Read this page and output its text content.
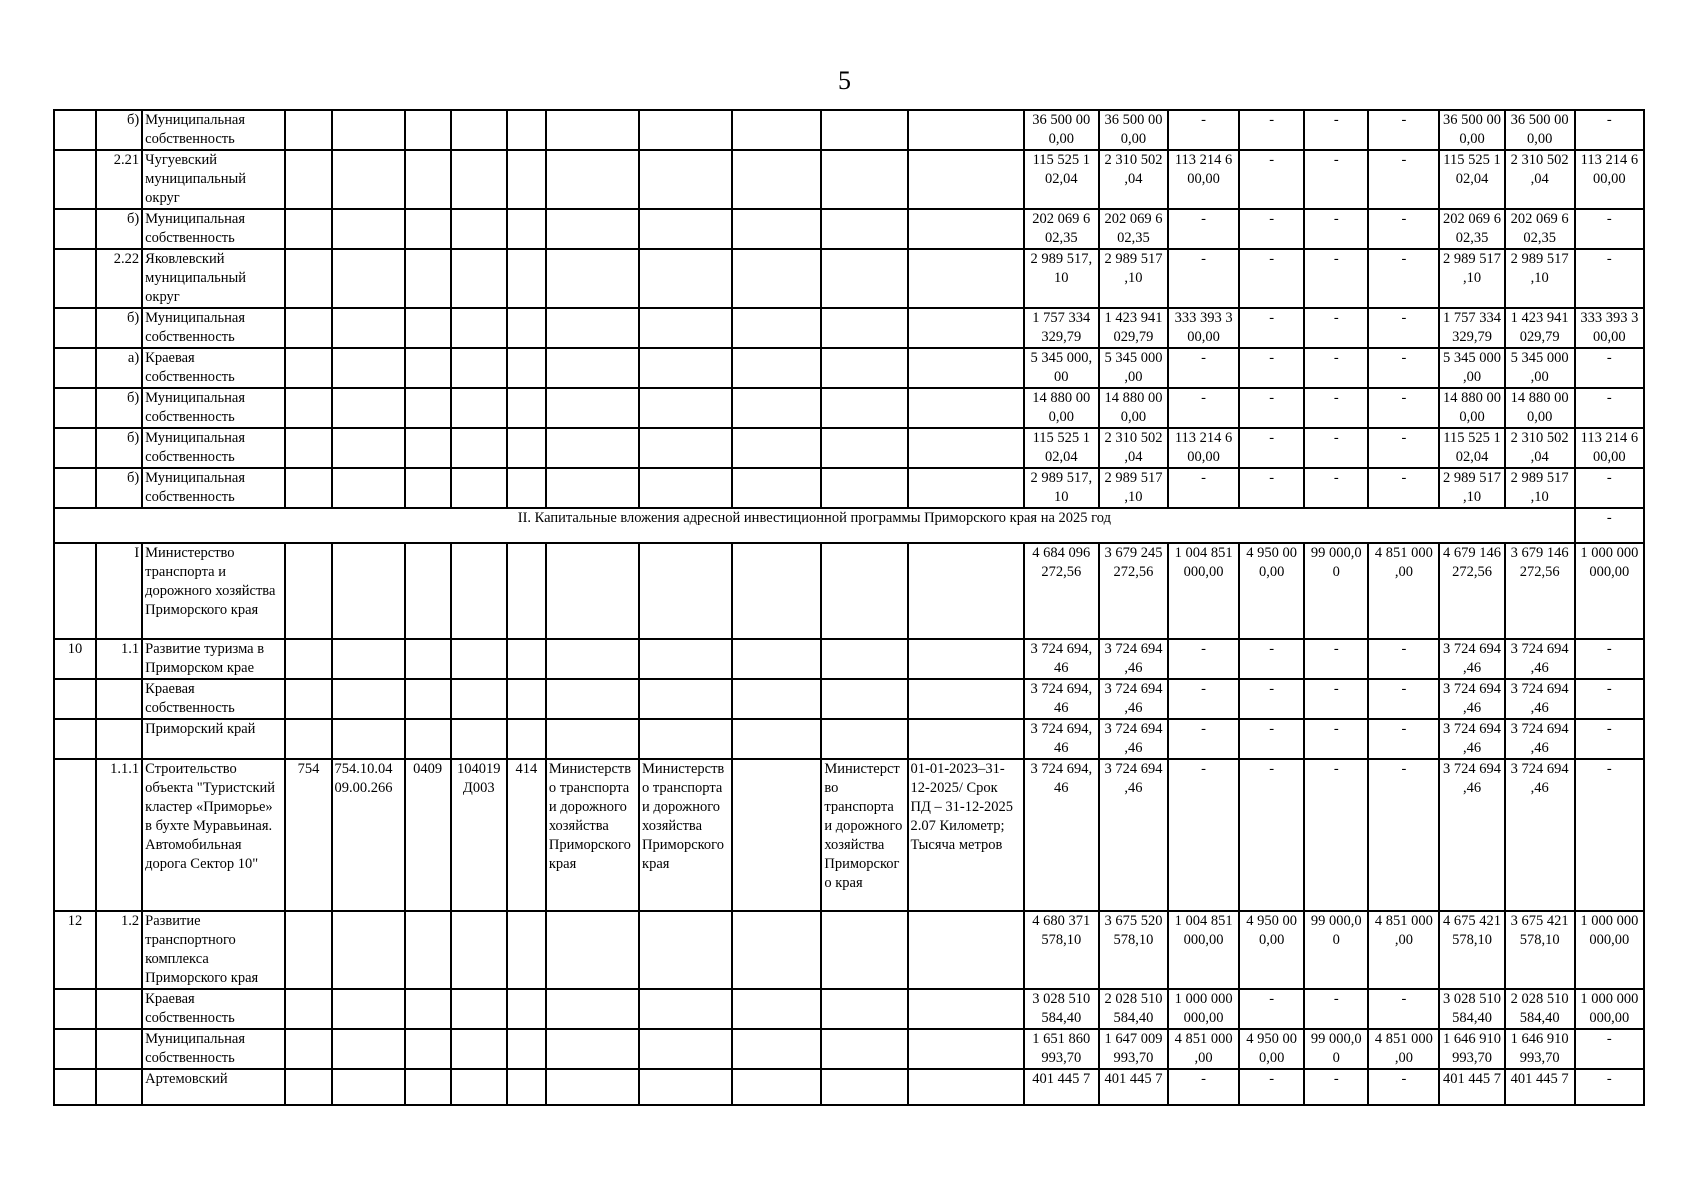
5
	б)	Муниципальная собственность											36 500 00 0,00	36 500 00 0,00	-	-	-	-	36 500 00 0,00	36 500 00 0,00	-
	2.21	Чугуевский муниципальный округ											115 525 1 02,04	2 310 502 ,04	113 214 6 00,00	-	-	-	115 525 1 02,04	2 310 502 ,04	113 214 6 00,00
	б)	Муниципальная собственность											202 069 6 02,35	202 069 6 02,35	-	-	-	-	202 069 6 02,35	202 069 6 02,35	-
	2.22	Яковлевский муниципальный округ											2 989 517, 10	2 989 517 ,10	-	-	-	-	2 989 517 ,10	2 989 517 ,10	-
	б)	Муниципальная собственность											1 757 334 329,79	1 423 941 029,79	333 393 3 00,00	-	-	-	1 757 334 329,79	1 423 941 029,79	333 393 3 00,00
	а)	Краевая собственность											5 345 000, 00	5 345 000 ,00	-	-	-	-	5 345 000 ,00	5 345 000 ,00	-
	б)	Муниципальная собственность											14 880 00 0,00	14 880 00 0,00	-	-	-	-	14 880 00 0,00	14 880 00 0,00	-
	б)	Муниципальная собственность											115 525 1 02,04	2 310 502 ,04	113 214 6 00,00	-	-	-	115 525 1 02,04	2 310 502 ,04	113 214 6 00,00
	б)	Муниципальная собственность											2 989 517, 10	2 989 517 ,10	-	-	-	-	2 989 517 ,10	2 989 517 ,10	-
II. Капитальные вложения адресной инвестиционной программы Приморского края на 2025 год																					-
	I	Министерство транспорта и дорожного хозяйства Приморского края											4 684 096 272,56	3 679 245 272,56	1 004 851 000,00	4 950 00 0,00	99 000,0 0	4 851 000 ,00	4 679 146 272,56	3 679 146 272,56	1 000 000 000,00
10	1.1	Развитие туризма в Приморском крае											3 724 694, 46	3 724 694 ,46	-	-	-	-	3 724 694 ,46	3 724 694 ,46	-
		Краевая собственность											3 724 694, 46	3 724 694 ,46	-	-	-	-	3 724 694 ,46	3 724 694 ,46	-
		Приморский край											3 724 694, 46	3 724 694 ,46	-	-	-	-	3 724 694 ,46	3 724 694 ,46	-
	1.1.1	Строительство объекта "Туристский кластер «Приморье» в бухте Муравьиная. Автомобильная дорога Сектор 10"	754	754.10.04 09.00.266	0409	104019 Д003	414	Министерство транспорта и дорожного хозяйства Приморского края	Министерство транспорта и дорожного хозяйства Приморского края		Министерство транспорта и дорожного хозяйства Приморского края	01-01-2023–31-12-2025/ Срок ПД – 31-12-2025 2.07 Километр; Тысяча метров	3 724 694, 46	3 724 694 ,46	-	-	-	-	3 724 694 ,46	3 724 694 ,46	-
12	1.2	Развитие транспортного комплекса Приморского края											4 680 371 578,10	3 675 520 578,10	1 004 851 000,00	4 950 00 0,00	99 000,0 0	4 851 000 ,00	4 675 421 578,10	3 675 421 578,10	1 000 000 000,00
		Краевая собственность											3 028 510 584,40	2 028 510 584,40	1 000 000 000,00	-	-	-	3 028 510 584,40	2 028 510 584,40	1 000 000 000,00
		Муниципальная собственность											1 651 860 993,70	1 647 009 993,70	4 851 000 ,00	4 950 00 0,00	99 000,0 0	4 851 000 ,00	1 646 910 993,70	1 646 910 993,70	-
		Артемовский											401 445 7	401 445 7	-	-	-	-	401 445 7	401 445 7	-
